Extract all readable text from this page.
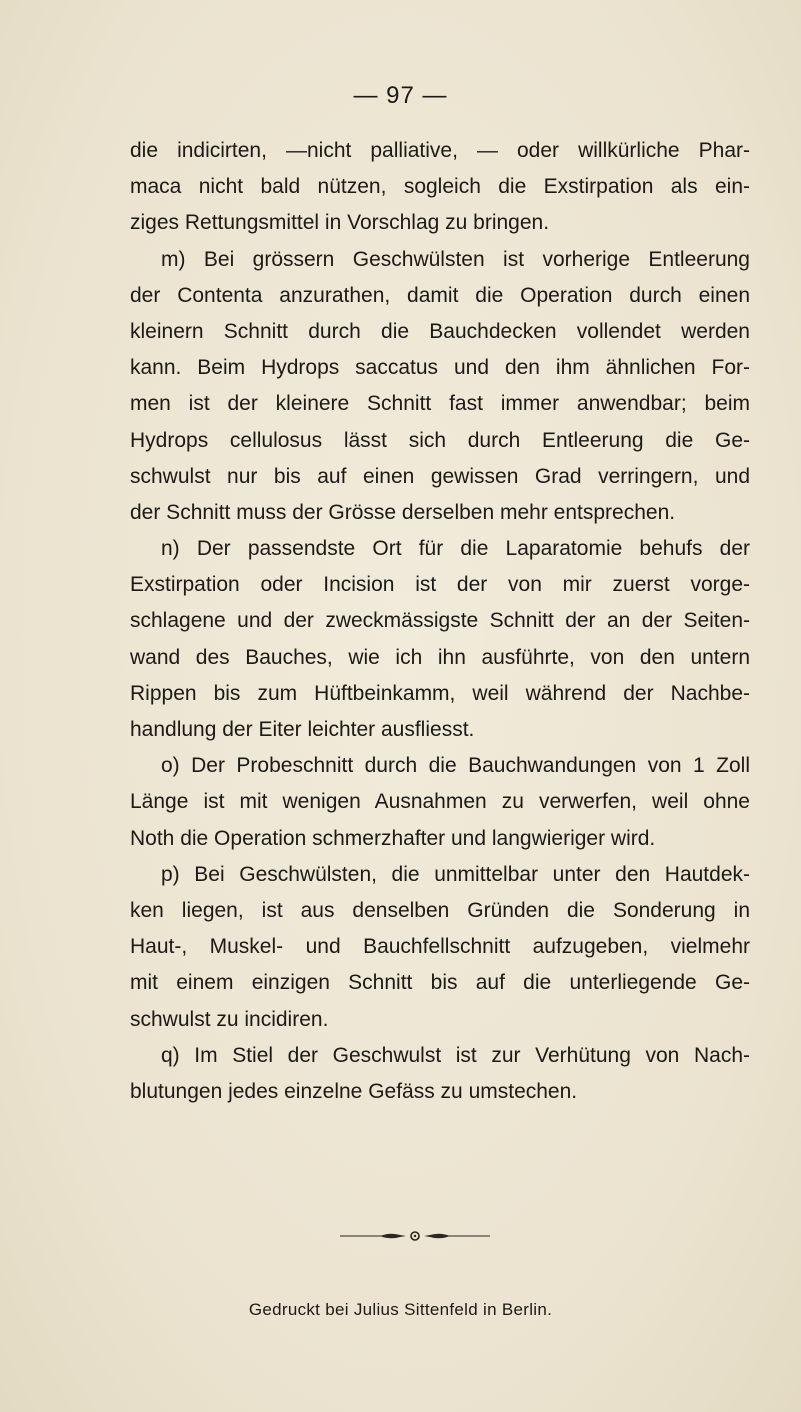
— 97 —
die indicirten, —nicht palliative, — oder willkürliche Phar-
maca nicht bald nützen, sogleich die Exstirpation als ein-
ziges Rettungsmittel in Vorschlag zu bringen.
m) Bei grössern Geschwülsten ist vorherige Entleerung
der Contenta anzurathen, damit die Operation durch einen
kleinern Schnitt durch die Bauchdecken vollendet werden
kann. Beim Hydrops saccatus und den ihm ähnlichen For-
men ist der kleinere Schnitt fast immer anwendbar; beim
Hydrops cellulosus lässt sich durch Entleerung die Ge-
schwulst nur bis auf einen gewissen Grad verringern, und
der Schnitt muss der Grösse derselben mehr entsprechen.
n) Der passendste Ort für die Laparatomie behufs der
Exstirpation oder Incision ist der von mir zuerst vorge-
schlagene und der zweckmässigste Schnitt der an der Seiten-
wand des Bauches, wie ich ihn ausführte, von den untern
Rippen bis zum Hüftbeinkamm, weil während der Nachbe-
handlung der Eiter leichter ausfliesst.
o) Der Probeschnitt durch die Bauchwandungen von 1 Zoll
Länge ist mit wenigen Ausnahmen zu verwerfen, weil ohne
Noth die Operation schmerzhafter und langwieriger wird.
p) Bei Geschwülsten, die unmittelbar unter den Hautdek-
ken liegen, ist aus denselben Gründen die Sonderung in
Haut-, Muskel- und Bauchfellschnitt aufzugeben, vielmehr
mit einem einzigen Schnitt bis auf die unterliegende Ge-
schwulst zu incidiren.
q) Im Stiel der Geschwulst ist zur Verhütung von Nach-
blutungen jedes einzelne Gefäss zu umstechen.
Gedruckt bei Julius Sittenfeld in Berlin.
